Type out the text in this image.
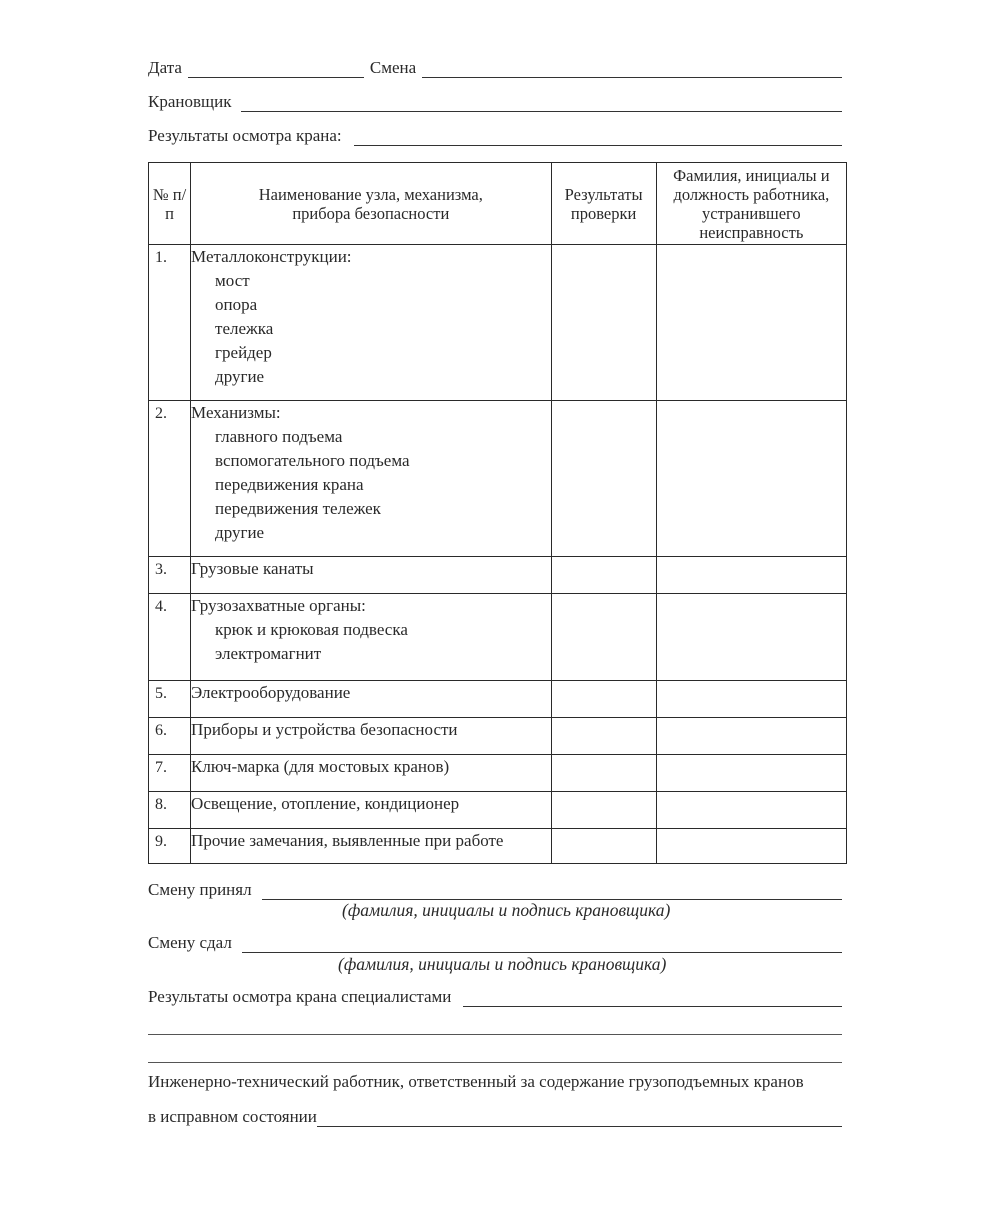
Дата	Смена
Крановщик
Результаты осмотра крана:
№ п/п	Наименование узла, механизма, прибора безопасности	Результаты проверки	Фамилия, инициалы и должность работника, устранившего неисправность

1.	Металлоконструкции:
мост
опора
тележка
грейдер
другие

2.	Механизмы:
главного подъема
вспомогательного подъема
передвижения крана
передвижения тележек
другие

3.	Грузовые канаты		

4.	Грузозахватные органы:
крюк и крюковая подвеска
электромагнит		

5.	Электрооборудование		

6.	Приборы и устройства безопасности		

7.	Ключ-марка (для мостовых кранов)		

8.	Освещение, отопление, кондиционер		

9.	Прочие замечания, выявленные при работе		

Смену принял
(фамилия, инициалы и подпись крановщика)
Смену сдал
(фамилия, инициалы и подпись крановщика)
Результаты осмотра крана специалистами
Инженерно-технический работник, ответственный за содержание грузоподъемных кранов
в исправном состоянии
